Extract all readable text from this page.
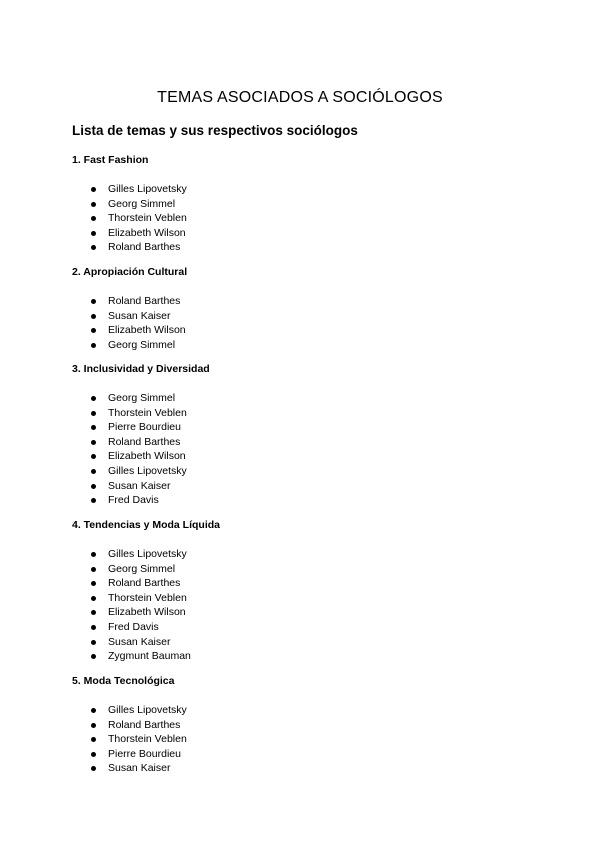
TEMAS ASOCIADOS A SOCIÓLOGOS
Lista de temas y sus respectivos sociólogos
1. Fast Fashion
Gilles Lipovetsky
Georg Simmel
Thorstein Veblen
Elizabeth Wilson
Roland Barthes
2. Apropiación Cultural
Roland Barthes
Susan Kaiser
Elizabeth Wilson
Georg Simmel
3. Inclusividad y Diversidad
Georg Simmel
Thorstein Veblen
Pierre Bourdieu
Roland Barthes
Elizabeth Wilson
Gilles Lipovetsky
Susan Kaiser
Fred Davis
4. Tendencias y Moda Líquida
Gilles Lipovetsky
Georg Simmel
Roland Barthes
Thorstein Veblen
Elizabeth Wilson
Fred Davis
Susan Kaiser
Zygmunt Bauman
5. Moda Tecnológica
Gilles Lipovetsky
Roland Barthes
Thorstein Veblen
Pierre Bourdieu
Susan Kaiser
